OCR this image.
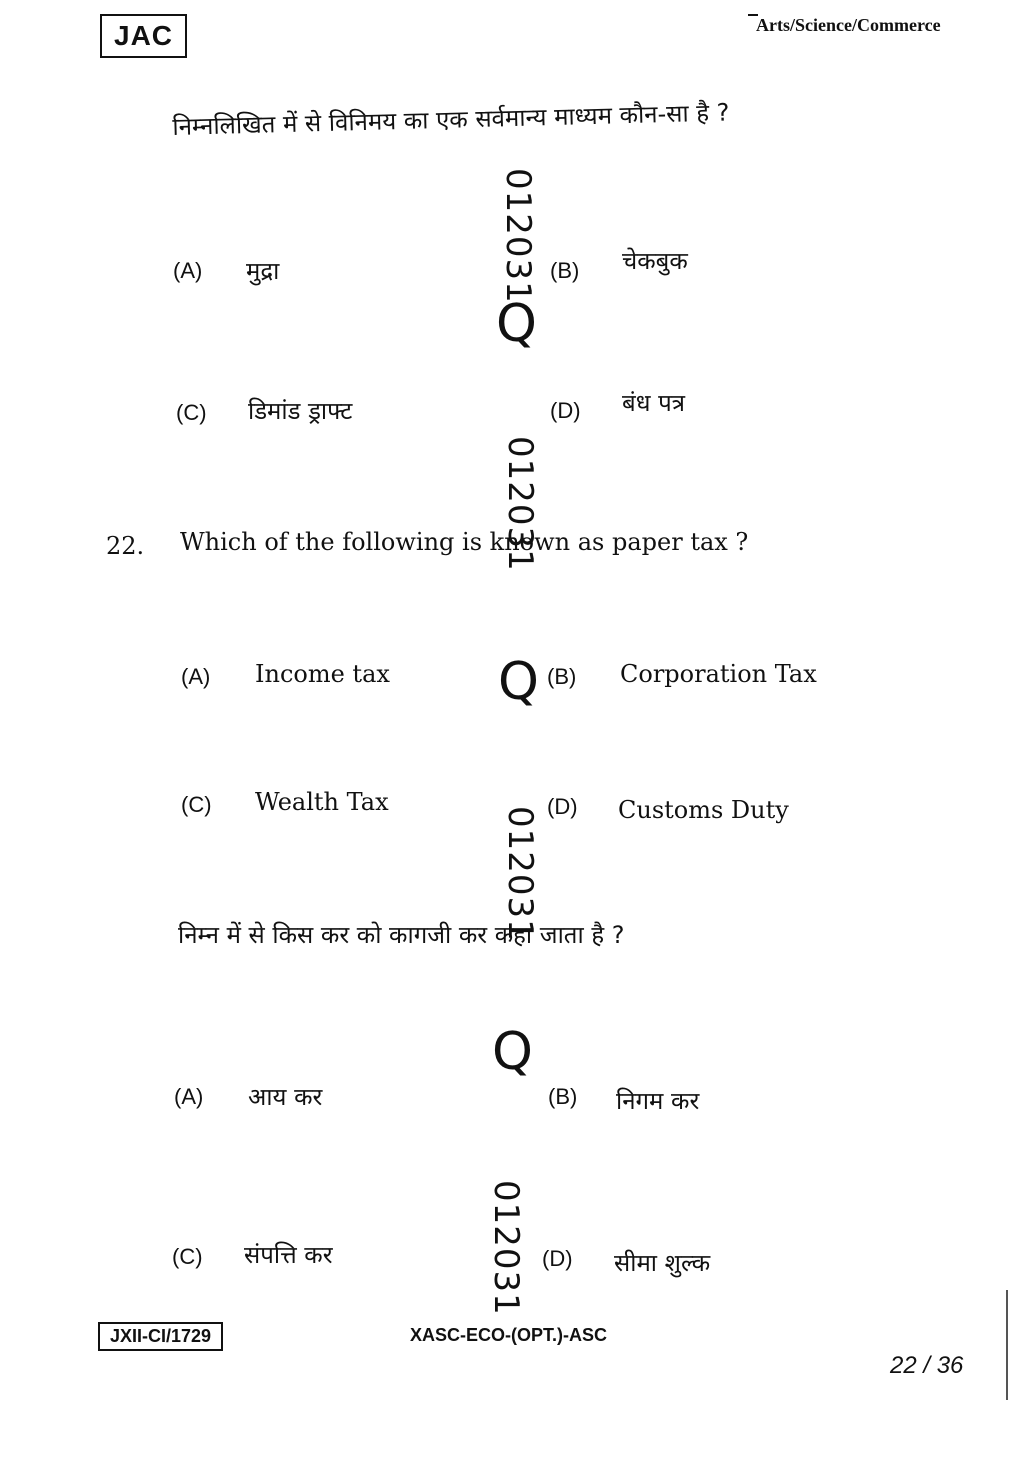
JAC	Arts/Science/Commerce
निम्नलिखित में से विनिमय का एक सर्वमान्य माध्यम कौन-सा है ?
(A) मुद्रा	(B) चेकबुक
(C) डिमांड ड्राफ्ट	(D) बंध पत्र
22. Which of the following is known as paper tax ?
(A) Income tax	(B) Corporation Tax
(C) Wealth Tax	(D) Customs Duty
निम्न में से किस कर को कागजी कर कहा जाता है ?
(A) आय कर	(B) निगम कर
(C) संपत्ति कर	(D) सीमा शुल्क
012031
Q
012031
Q
012031
Q
012031
JXII-CI/1729	XASC-ECO-(OPT.)-ASC
22 / 36
